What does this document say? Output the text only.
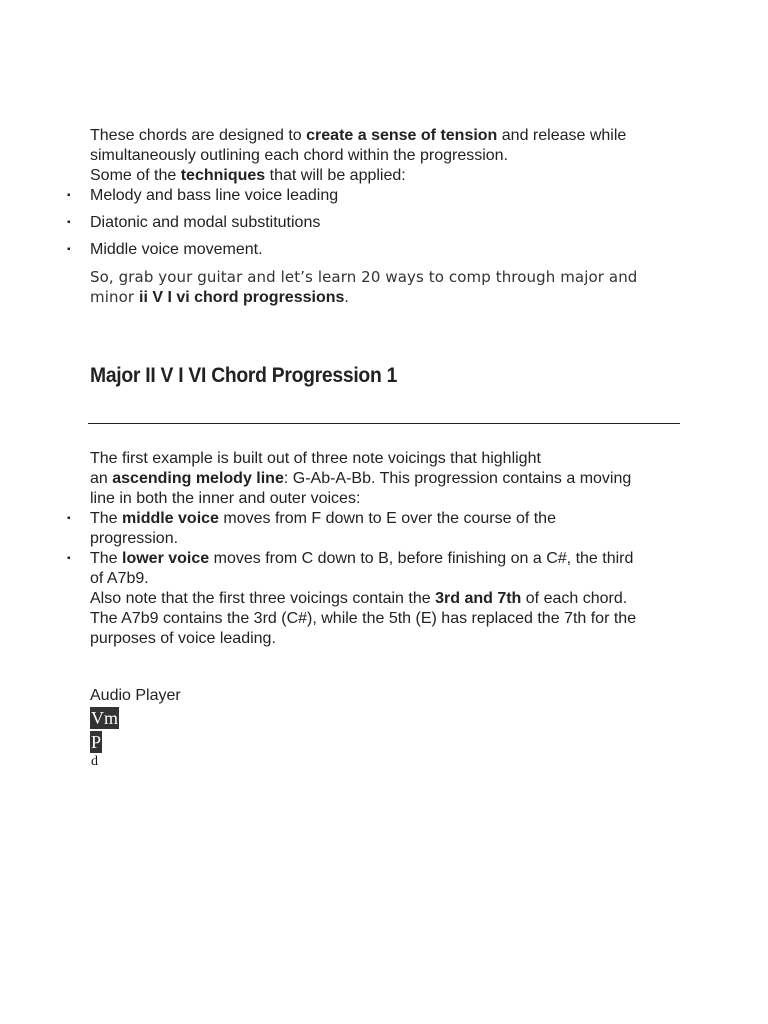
These chords are designed to create a sense of tension and release while
simultaneously outlining each chord within the progression.
Some of the techniques that will be applied:
▪ Melody and bass line voice leading
▪ Diatonic and modal substitutions
▪ Middle voice movement.
So, grab your guitar and let’s learn 20 ways to comp through major and
minor ii V I vi chord progressions.
Major II V I VI Chord Progression 1
The first example is built out of three note voicings that highlight
an ascending melody line: G-Ab-A-Bb. This progression contains a moving
line in both the inner and outer voices:
▪ The middle voice moves from F down to E over the course of the
progression.
▪ The lower voice moves from C down to B, before finishing on a C#, the third
of A7b9.
Also note that the first three voicings contain the 3rd and 7th of each chord.
The A7b9 contains the 3rd (C#), while the 5th (E) has replaced the 7th for the
purposes of voice leading.
Audio Player
Vm
P
d
